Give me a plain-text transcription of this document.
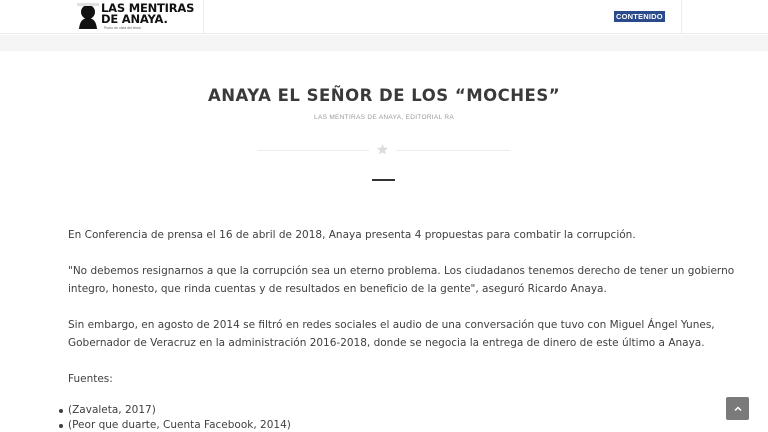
LAS MENTIRAS
DE ANAYA.
Punto de vista del lector
CONTENIDO
ANAYA EL SEÑOR DE LOS “MOCHES”
LAS MENTIRAS DE ANAYA, EDITORIAL RA

En Conferencia de prensa el 16 de abril de 2018, Anaya presenta 4 propuestas para combatir la corrupción.

"No debemos resignarnos a que la corrupción sea un eterno problema. Los ciudadanos tenemos derecho de tener un gobierno
integro, honesto, que rinda cuentas y de resultados en beneficio de la gente", aseguró Ricardo Anaya.
Sin embargo, en agosto de 2014 se filtró en redes sociales el audio de una conversación que tuvo con Miguel Ángel Yunes,
Gobernador de Veracruz en la administración 2016-2018, donde se negocia la entrega de dinero de este último a Anaya.

Fuentes:

(Zavaleta, 2017)
(Peor que duarte, Cuenta Facebook, 2014)
